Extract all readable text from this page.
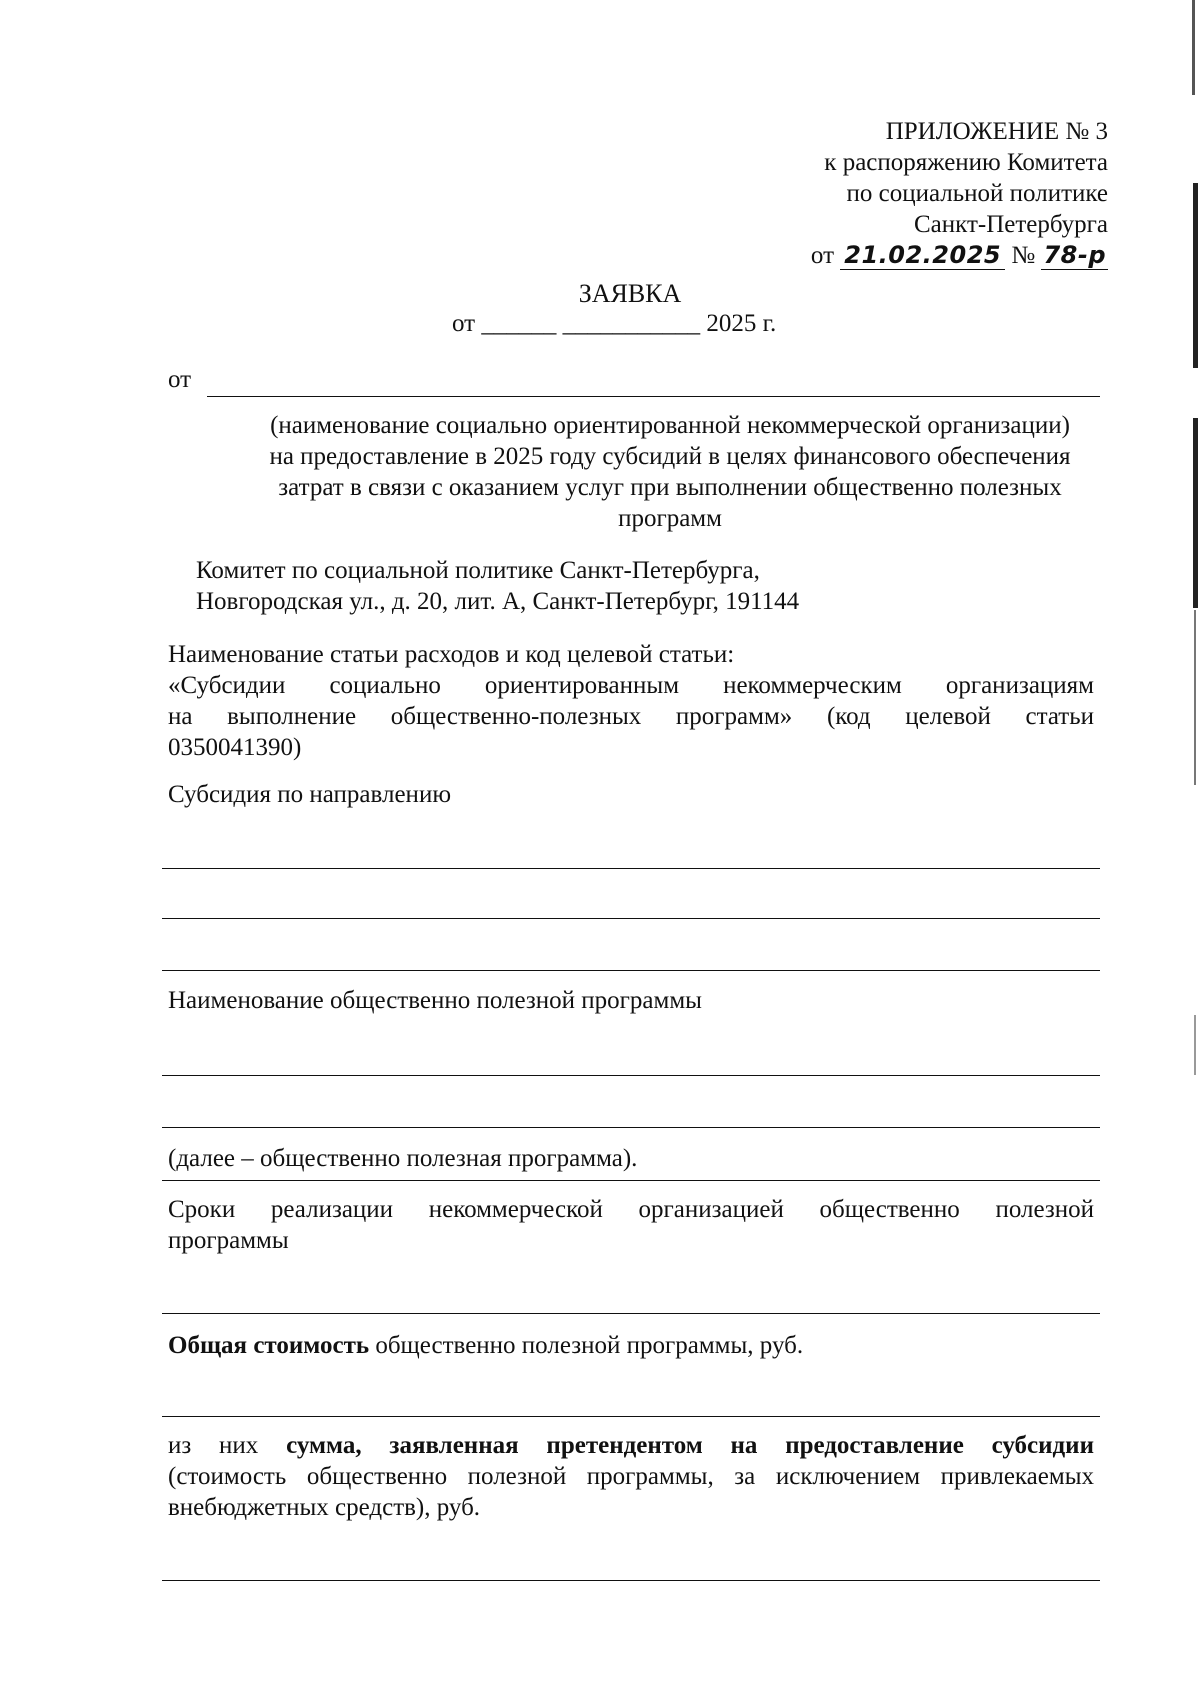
ПРИЛОЖЕНИЕ № 3
к распоряжению Комитета
по социальной политике
Санкт-Петербурга
от 21.02.2025 № 78-р
ЗАЯВКА
от ______ ___________ 2025 г.
от
(наименование социально ориентированной некоммерческой организации)
на предоставление в 2025 году субсидий в целях финансового обеспечения
затрат в связи с оказанием услуг при выполнении общественно полезных
программ
Комитет по социальной политике Санкт-Петербурга,
Новгородская ул., д. 20, лит. А, Санкт-Петербург, 191144
Наименование статьи расходов и код целевой статьи:
«Субсидии социально ориентированным некоммерческим организациям
на выполнение общественно-полезных программ» (код целевой статьи
0350041390)
Субсидия по направлению
Наименование общественно полезной программы
(далее – общественно полезная программа).
Сроки реализации некоммерческой организацией общественно полезной
программы
Общая стоимость общественно полезной программы, руб.
из них сумма, заявленная претендентом на предоставление субсидии
(стоимость общественно полезной программы, за исключением привлекаемых
внебюджетных средств), руб.
